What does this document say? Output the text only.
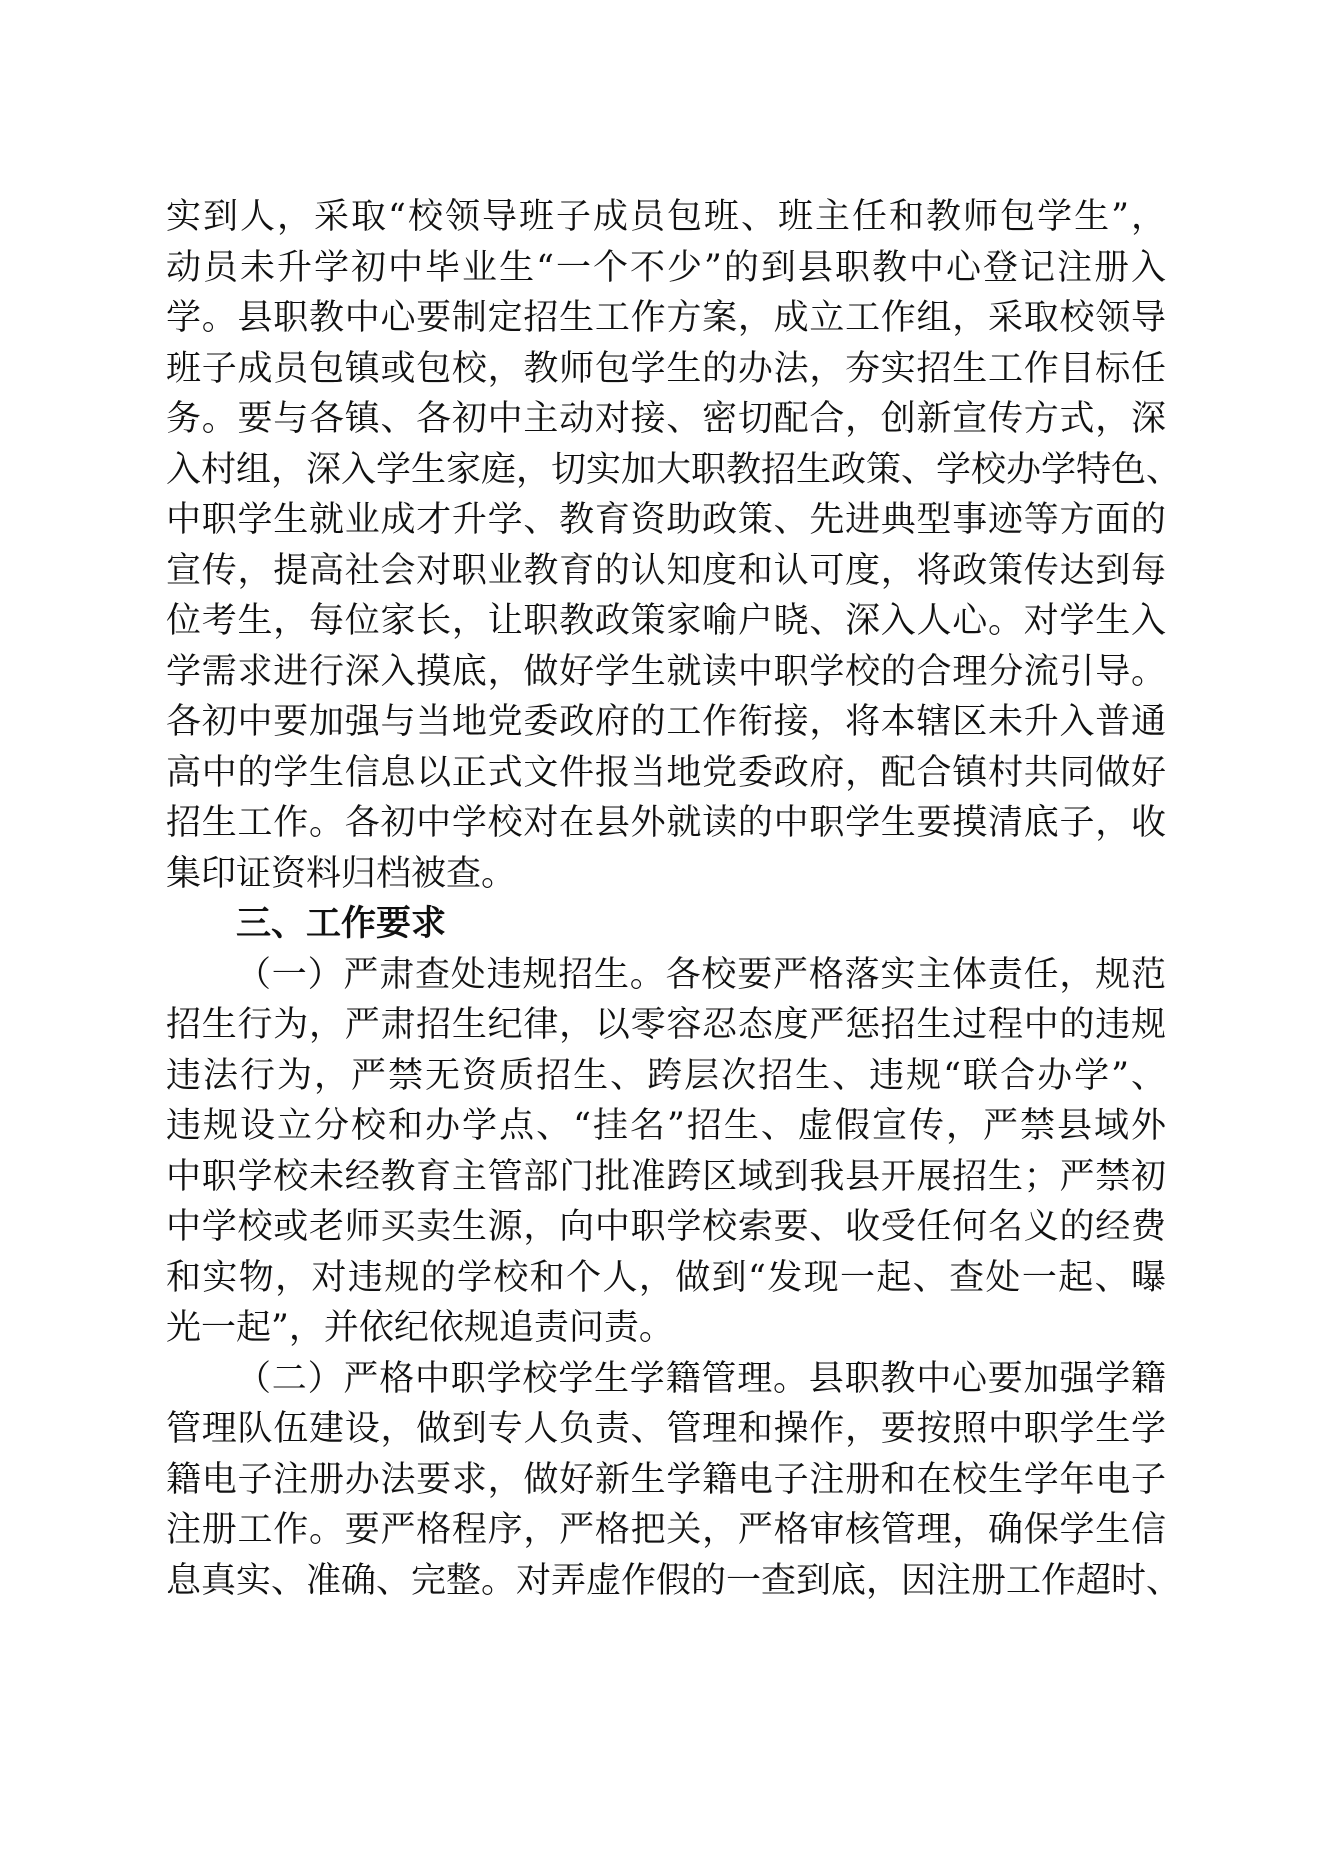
实到人，采取“校领导班子成员包班、班主任和教师包学生”，
动员未升学初中毕业生“一个不少”的到县职教中心登记注册入
学。县职教中心要制定招生工作方案，成立工作组，采取校领导
班子成员包镇或包校，教师包学生的办法，夯实招生工作目标任
务。要与各镇、各初中主动对接、密切配合，创新宣传方式，深
入村组，深入学生家庭，切实加大职教招生政策、学校办学特色、
中职学生就业成才升学、教育资助政策、先进典型事迹等方面的
宣传，提高社会对职业教育的认知度和认可度，将政策传达到每
位考生，每位家长，让职教政策家喻户晓、深入人心。对学生入
学需求进行深入摸底，做好学生就读中职学校的合理分流引导。
各初中要加强与当地党委政府的工作衔接，将本辖区未升入普通
高中的学生信息以正式文件报当地党委政府，配合镇村共同做好
招生工作。各初中学校对在县外就读的中职学生要摸清底子，收
集印证资料归档被查。
三、工作要求
（一）严肃查处违规招生。各校要严格落实主体责任，规范
招生行为，严肃招生纪律，以零容忍态度严惩招生过程中的违规
违法行为，严禁无资质招生、跨层次招生、违规“联合办学”、
违规设立分校和办学点、“挂名”招生、虚假宣传，严禁县域外
中职学校未经教育主管部门批准跨区域到我县开展招生；严禁初
中学校或老师买卖生源，向中职学校索要、收受任何名义的经费
和实物，对违规的学校和个人，做到“发现一起、查处一起、曝
光一起”，并依纪依规追责问责。
（二）严格中职学校学生学籍管理。县职教中心要加强学籍
管理队伍建设，做到专人负责、管理和操作，要按照中职学生学
籍电子注册办法要求，做好新生学籍电子注册和在校生学年电子
注册工作。要严格程序，严格把关，严格审核管理，确保学生信
息真实、准确、完整。对弄虚作假的一查到底，因注册工作超时、
